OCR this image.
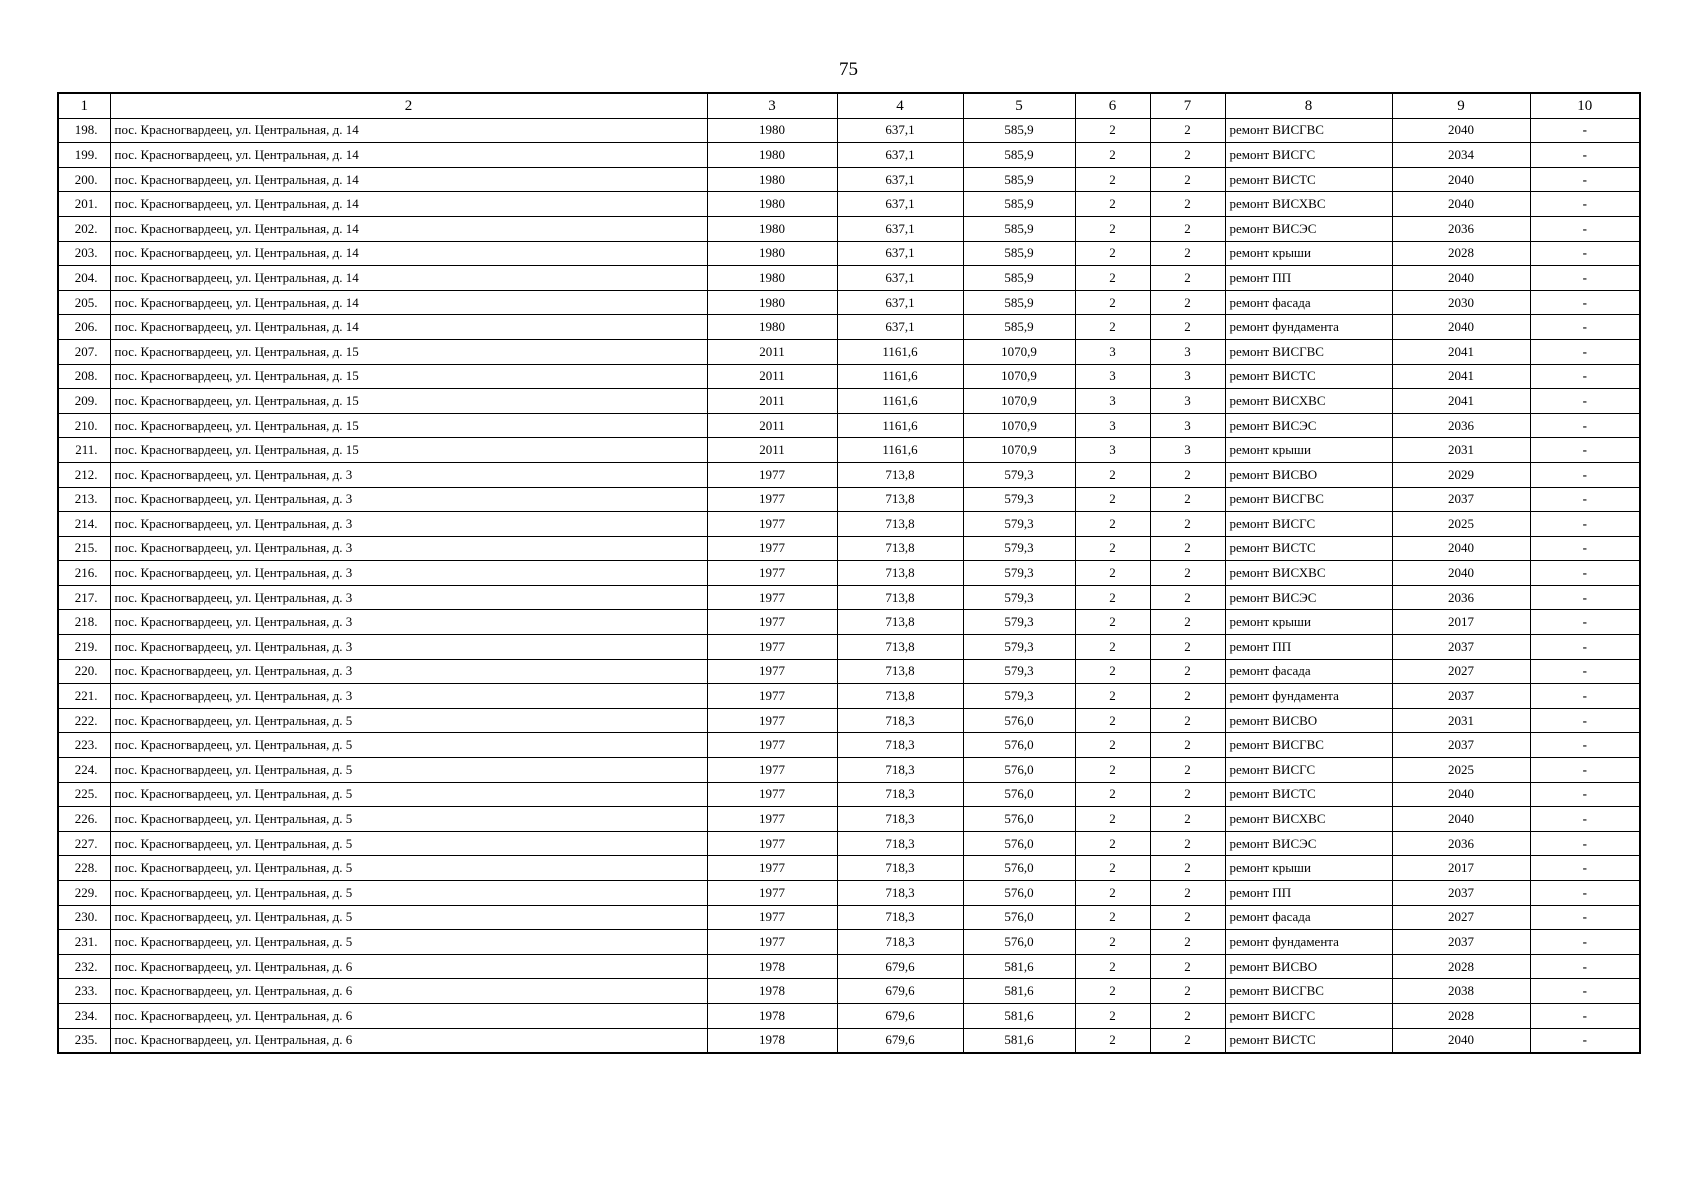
75
1	2	3	4	5	6	7	8	9	10
198.	пос. Красногвардеец, ул. Центральная, д. 14	1980	637,1	585,9	2	2	ремонт ВИСГВС	2040	-
199.	пос. Красногвардеец, ул. Центральная, д. 14	1980	637,1	585,9	2	2	ремонт ВИСГС	2034	-
200.	пос. Красногвардеец, ул. Центральная, д. 14	1980	637,1	585,9	2	2	ремонт ВИСТС	2040	-
201.	пос. Красногвардеец, ул. Центральная, д. 14	1980	637,1	585,9	2	2	ремонт ВИСХВС	2040	-
202.	пос. Красногвардеец, ул. Центральная, д. 14	1980	637,1	585,9	2	2	ремонт ВИСЭС	2036	-
203.	пос. Красногвардеец, ул. Центральная, д. 14	1980	637,1	585,9	2	2	ремонт крыши	2028	-
204.	пос. Красногвардеец, ул. Центральная, д. 14	1980	637,1	585,9	2	2	ремонт ПП	2040	-
205.	пос. Красногвардеец, ул. Центральная, д. 14	1980	637,1	585,9	2	2	ремонт фасада	2030	-
206.	пос. Красногвардеец, ул. Центральная, д. 14	1980	637,1	585,9	2	2	ремонт фундамента	2040	-
207.	пос. Красногвардеец, ул. Центральная, д. 15	2011	1161,6	1070,9	3	3	ремонт ВИСГВС	2041	-
208.	пос. Красногвардеец, ул. Центральная, д. 15	2011	1161,6	1070,9	3	3	ремонт ВИСТС	2041	-
209.	пос. Красногвардеец, ул. Центральная, д. 15	2011	1161,6	1070,9	3	3	ремонт ВИСХВС	2041	-
210.	пос. Красногвардеец, ул. Центральная, д. 15	2011	1161,6	1070,9	3	3	ремонт ВИСЭС	2036	-
211.	пос. Красногвардеец, ул. Центральная, д. 15	2011	1161,6	1070,9	3	3	ремонт крыши	2031	-
212.	пос. Красногвардеец, ул. Центральная, д. 3	1977	713,8	579,3	2	2	ремонт ВИСВО	2029	-
213.	пос. Красногвардеец, ул. Центральная, д. 3	1977	713,8	579,3	2	2	ремонт ВИСГВС	2037	-
214.	пос. Красногвардеец, ул. Центральная, д. 3	1977	713,8	579,3	2	2	ремонт ВИСГС	2025	-
215.	пос. Красногвардеец, ул. Центральная, д. 3	1977	713,8	579,3	2	2	ремонт ВИСТС	2040	-
216.	пос. Красногвардеец, ул. Центральная, д. 3	1977	713,8	579,3	2	2	ремонт ВИСХВС	2040	-
217.	пос. Красногвардеец, ул. Центральная, д. 3	1977	713,8	579,3	2	2	ремонт ВИСЭС	2036	-
218.	пос. Красногвардеец, ул. Центральная, д. 3	1977	713,8	579,3	2	2	ремонт крыши	2017	-
219.	пос. Красногвардеец, ул. Центральная, д. 3	1977	713,8	579,3	2	2	ремонт ПП	2037	-
220.	пос. Красногвардеец, ул. Центральная, д. 3	1977	713,8	579,3	2	2	ремонт фасада	2027	-
221.	пос. Красногвардеец, ул. Центральная, д. 3	1977	713,8	579,3	2	2	ремонт фундамента	2037	-
222.	пос. Красногвардеец, ул. Центральная, д. 5	1977	718,3	576,0	2	2	ремонт ВИСВО	2031	-
223.	пос. Красногвардеец, ул. Центральная, д. 5	1977	718,3	576,0	2	2	ремонт ВИСГВС	2037	-
224.	пос. Красногвардеец, ул. Центральная, д. 5	1977	718,3	576,0	2	2	ремонт ВИСГС	2025	-
225.	пос. Красногвардеец, ул. Центральная, д. 5	1977	718,3	576,0	2	2	ремонт ВИСТС	2040	-
226.	пос. Красногвардеец, ул. Центральная, д. 5	1977	718,3	576,0	2	2	ремонт ВИСХВС	2040	-
227.	пос. Красногвардеец, ул. Центральная, д. 5	1977	718,3	576,0	2	2	ремонт ВИСЭС	2036	-
228.	пос. Красногвардеец, ул. Центральная, д. 5	1977	718,3	576,0	2	2	ремонт крыши	2017	-
229.	пос. Красногвардеец, ул. Центральная, д. 5	1977	718,3	576,0	2	2	ремонт ПП	2037	-
230.	пос. Красногвардеец, ул. Центральная, д. 5	1977	718,3	576,0	2	2	ремонт фасада	2027	-
231.	пос. Красногвардеец, ул. Центральная, д. 5	1977	718,3	576,0	2	2	ремонт фундамента	2037	-
232.	пос. Красногвардеец, ул. Центральная, д. 6	1978	679,6	581,6	2	2	ремонт ВИСВО	2028	-
233.	пос. Красногвардеец, ул. Центральная, д. 6	1978	679,6	581,6	2	2	ремонт ВИСГВС	2038	-
234.	пос. Красногвардеец, ул. Центральная, д. 6	1978	679,6	581,6	2	2	ремонт ВИСГС	2028	-
235.	пос. Красногвардеец, ул. Центральная, д. 6	1978	679,6	581,6	2	2	ремонт ВИСТС	2040	-
